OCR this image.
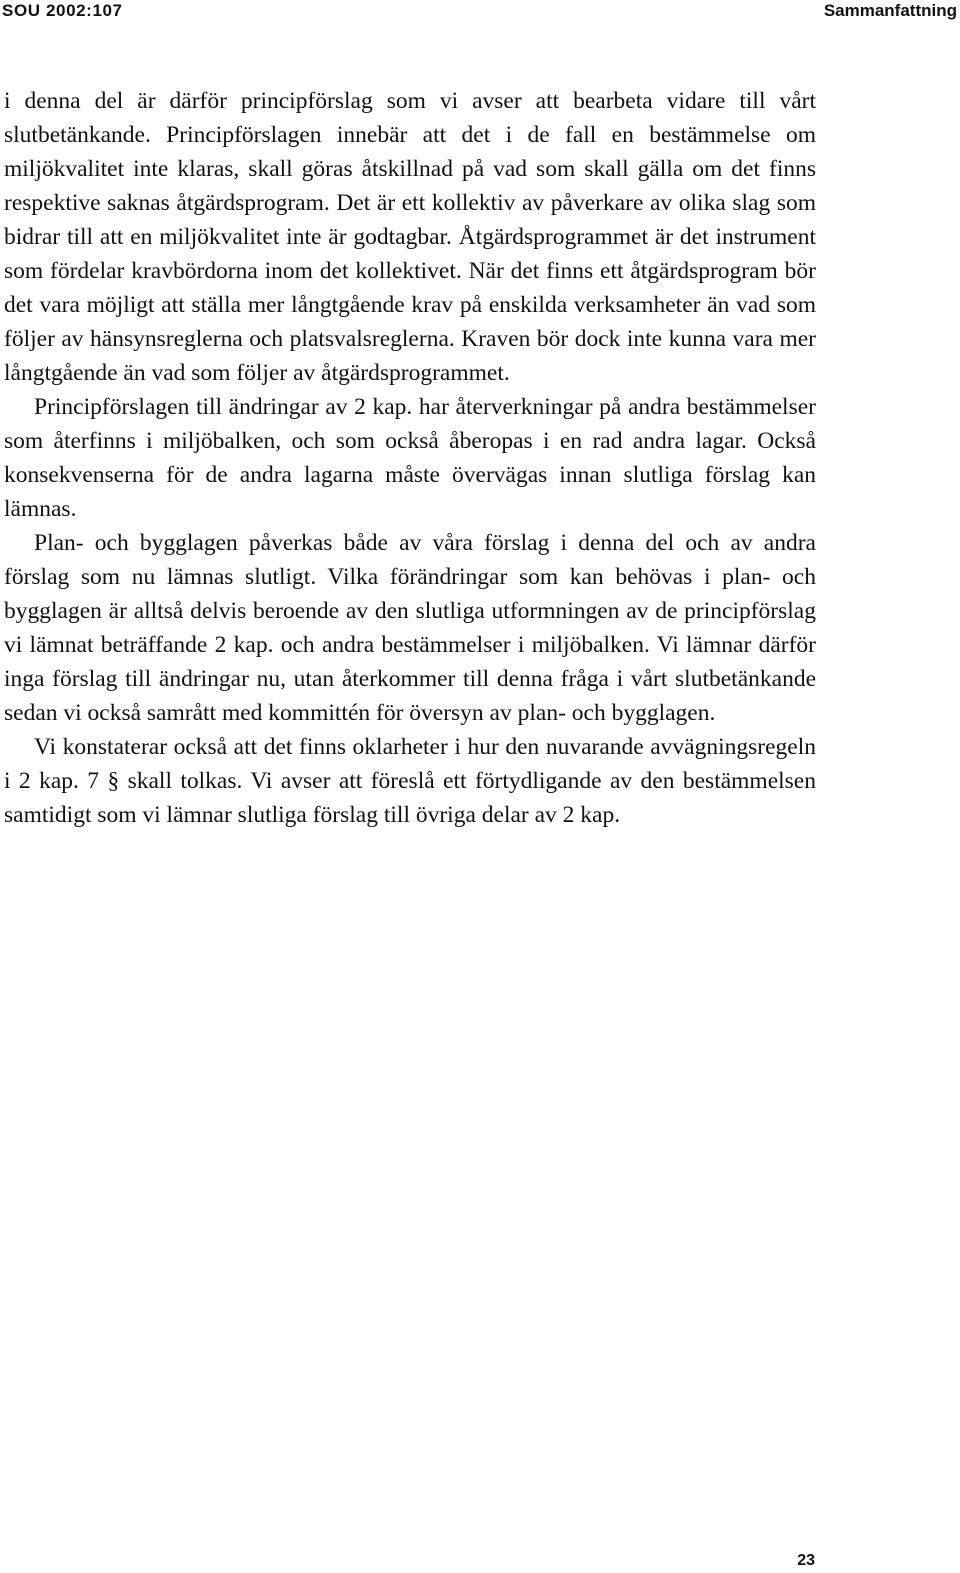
SOU 2002:107	Sammanfattning

i denna del är därför principförslag som vi avser att bearbeta vidare till vårt slutbetänkande. Principförslagen innebär att det i de fall en bestämmelse om miljökvalitet inte klaras, skall göras åtskillnad på vad som skall gälla om det finns respektive saknas åtgärdsprogram. Det är ett kollektiv av påverkare av olika slag som bidrar till att en miljökvalitet inte är godtagbar. Åtgärdsprogrammet är det instrument som fördelar kravbördorna inom det kollektivet. När det finns ett åtgärdsprogram bör det vara möjligt att ställa mer långtgående krav på enskilda verksamheter än vad som följer av hänsynsreglerna och platsvalsreglerna. Kraven bör dock inte kunna vara mer långtgående än vad som följer av åtgärdsprogrammet.

Principförslagen till ändringar av 2 kap. har återverkningar på andra bestämmelser som återfinns i miljöbalken, och som också åberopas i en rad andra lagar. Också konsekvenserna för de andra lagarna måste övervägas innan slutliga förslag kan lämnas.

Plan- och bygglagen påverkas både av våra förslag i denna del och av andra förslag som nu lämnas slutligt. Vilka förändringar som kan behövas i plan- och bygglagen är alltså delvis beroende av den slutliga utformningen av de principförslag vi lämnat beträffande 2 kap. och andra bestämmelser i miljöbalken. Vi lämnar därför inga förslag till ändringar nu, utan återkommer till denna fråga i vårt slutbetänkande sedan vi också samrått med kommittén för översyn av plan- och bygglagen.

Vi konstaterar också att det finns oklarheter i hur den nuvarande avvägningsregeln i 2 kap. 7 § skall tolkas. Vi avser att föreslå ett förtydligande av den bestämmelsen samtidigt som vi lämnar slutliga förslag till övriga delar av 2 kap.

23
